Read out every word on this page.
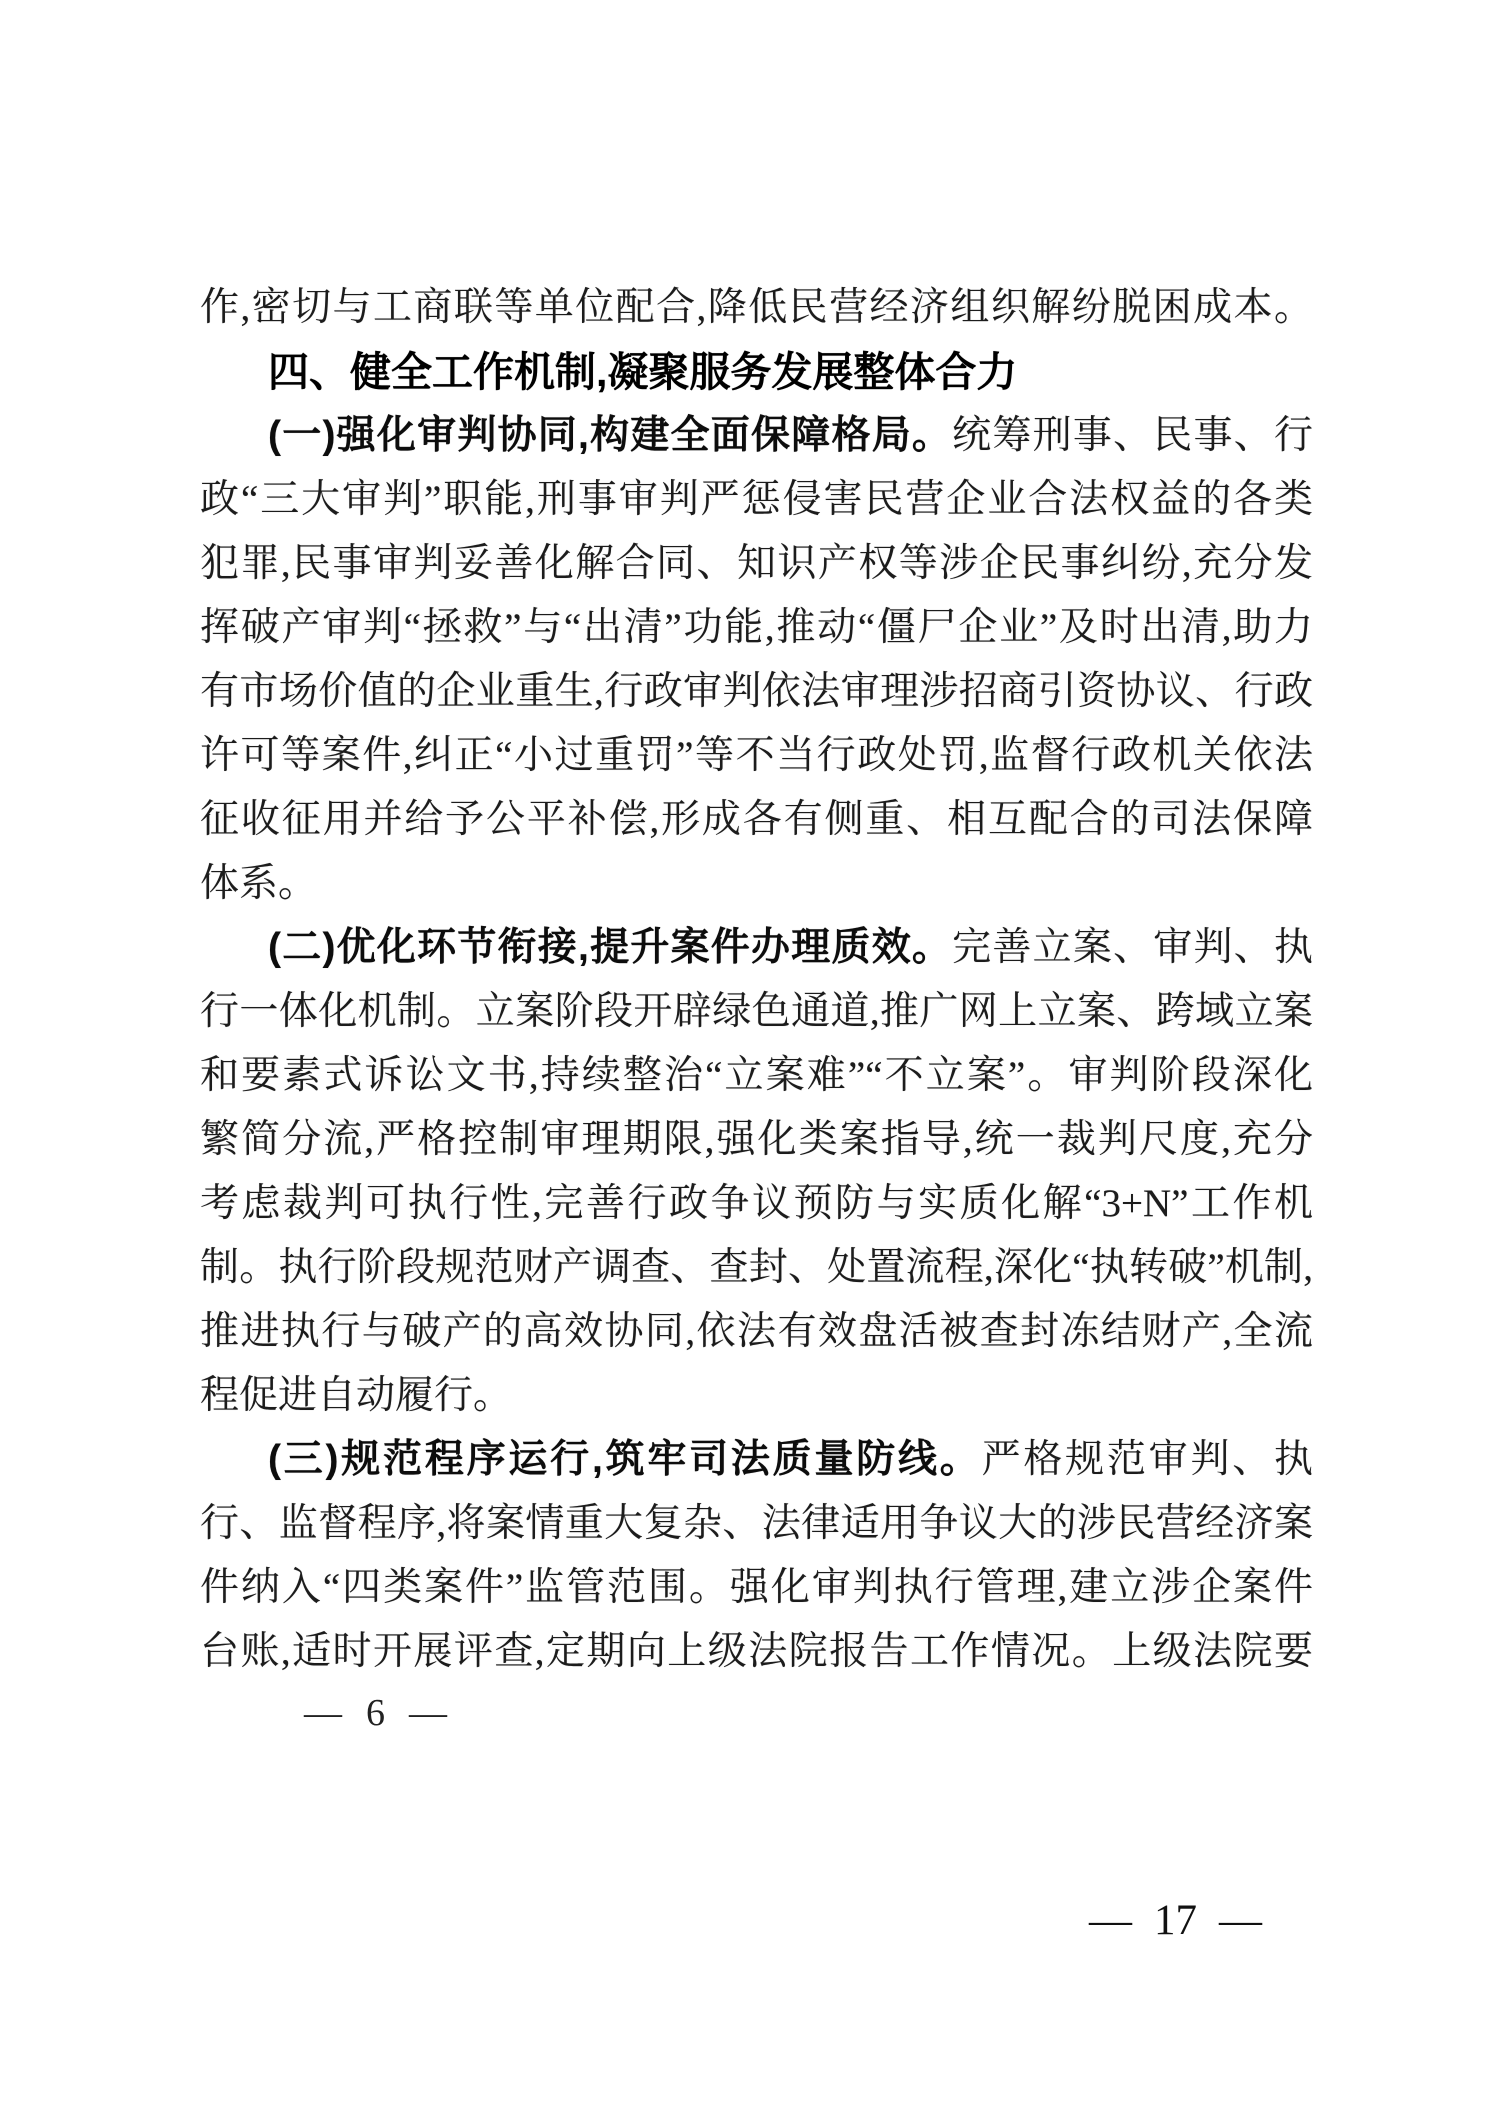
作,密切与工商联等单位配合,降低民营经济组织解纷脱困成本。

四、健全工作机制,凝聚服务发展整体合力

(一)强化审判协同,构建全面保障格局。统筹刑事、民事、行

政“三大审判”职能,刑事审判严惩侵害民营企业合法权益的各类

犯罪,民事审判妥善化解合同、知识产权等涉企民事纠纷,充分发

挥破产审判“拯救”与“出清”功能,推动“僵尸企业”及时出清,助力

有市场价值的企业重生,行政审判依法审理涉招商引资协议、行政

许可等案件,纠正“小过重罚”等不当行政处罚,监督行政机关依法

征收征用并给予公平补偿,形成各有侧重、相互配合的司法保障

体系。

(二)优化环节衔接,提升案件办理质效。完善立案、审判、执

行一体化机制。立案阶段开辟绿色通道,推广网上立案、跨域立案

和要素式诉讼文书,持续整治“立案难”“不立案”。审判阶段深化

繁简分流,严格控制审理期限,强化类案指导,统一裁判尺度,充分

考虑裁判可执行性,完善行政争议预防与实质化解“3+N”工作机

制。执行阶段规范财产调查、查封、处置流程,深化“执转破”机制,

推进执行与破产的高效协同,依法有效盘活被查封冻结财产,全流

程促进自动履行。

(三)规范程序运行,筑牢司法质量防线。严格规范审判、执

行、监督程序,将案情重大复杂、法律适用争议大的涉民营经济案

件纳入“四类案件”监管范围。强化审判执行管理,建立涉企案件

台账,适时开展评查,定期向上级法院报告工作情况。上级法院要

— 6 —
— 17 —
